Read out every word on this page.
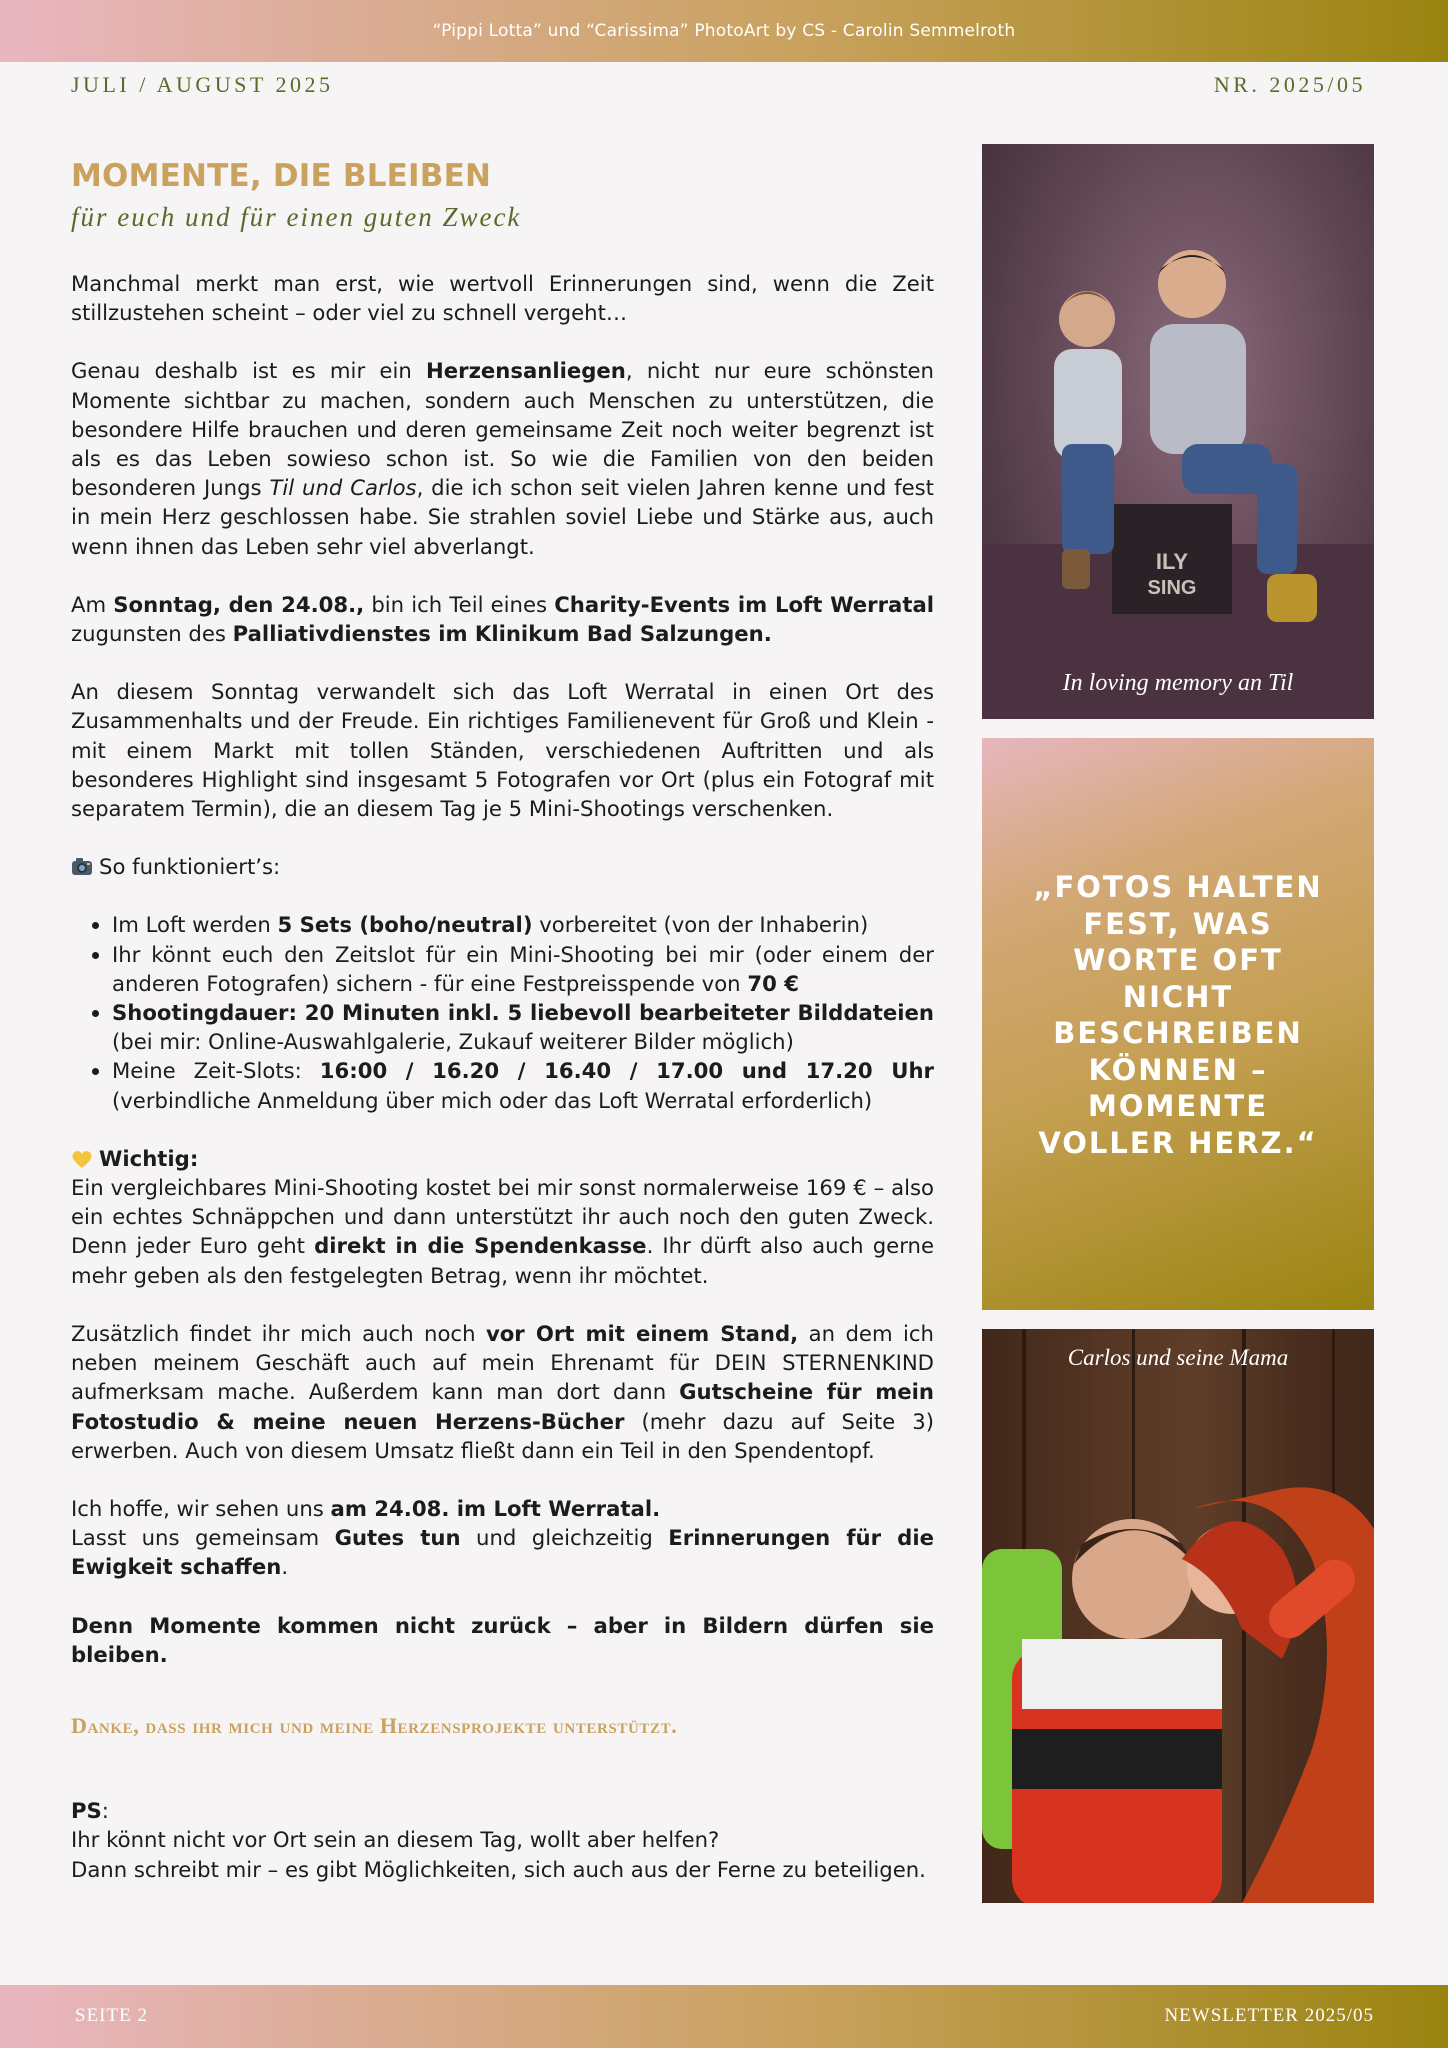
“Pippi Lotta” und “Carissima” PhotoArt by CS - Carolin Semmelroth
JULI / AUGUST 2025	NR. 2025/05
MOMENTE, DIE BLEIBEN
für euch und für einen guten Zweck

Manchmal merkt man erst, wie wertvoll Erinnerungen sind, wenn die Zeit stillzustehen scheint – oder viel zu schnell vergeht…

Genau deshalb ist es mir ein Herzensanliegen, nicht nur eure schönsten Momente sichtbar zu machen, sondern auch Menschen zu unterstützen, die besondere Hilfe brauchen und deren gemeinsame Zeit noch weiter begrenzt ist als es das Leben sowieso schon ist. So wie die Familien von den beiden besonderen Jungs Til und Carlos, die ich schon seit vielen Jahren kenne und fest in mein Herz geschlossen habe. Sie strahlen soviel Liebe und Stärke aus, auch wenn ihnen das Leben sehr viel abverlangt.

Am Sonntag, den 24.08., bin ich Teil eines Charity-Events im Loft Werratal zugunsten des Palliativdienstes im Klinikum Bad Salzungen.

An diesem Sonntag verwandelt sich das Loft Werratal in einen Ort des Zusammenhalts und der Freude. Ein richtiges Familienevent für Groß und Klein - mit einem Markt mit tollen Ständen, verschiedenen Auftritten und als besonderes Highlight sind insgesamt 5 Fotografen vor Ort (plus ein Fotograf mit separatem Termin), die an diesem Tag je 5 Mini-Shootings verschenken.

So funktioniert’s:

• Im Loft werden 5 Sets (boho/neutral) vorbereitet (von der Inhaberin)
• Ihr könnt euch den Zeitslot für ein Mini-Shooting bei mir (oder einem der anderen Fotografen) sichern - für eine Festpreisspende von 70 €
• Shootingdauer: 20 Minuten inkl. 5 liebevoll bearbeiteter Bilddateien (bei mir: Online-Auswahlgalerie, Zukauf weiterer Bilder möglich)
• Meine Zeit-Slots: 16:00 / 16.20 / 16.40 / 17.00 und 17.20 Uhr (verbindliche Anmeldung über mich oder das Loft Werratal erforderlich)

Wichtig:
Ein vergleichbares Mini-Shooting kostet bei mir sonst normalerweise 169 € – also ein echtes Schnäppchen und dann unterstützt ihr auch noch den guten Zweck. Denn jeder Euro geht direkt in die Spendenkasse. Ihr dürft also auch gerne mehr geben als den festgelegten Betrag, wenn ihr möchtet.

Zusätzlich findet ihr mich auch noch vor Ort mit einem Stand, an dem ich neben meinem Geschäft auch auf mein Ehrenamt für DEIN STERNENKIND aufmerksam mache. Außerdem kann man dort dann Gutscheine für mein Fotostudio & meine neuen Herzens-Bücher (mehr dazu auf Seite 3) erwerben. Auch von diesem Umsatz fließt dann ein Teil in den Spendentopf.

Ich hoffe, wir sehen uns am 24.08. im Loft Werratal.
Lasst uns gemeinsam Gutes tun und gleichzeitig Erinnerungen für die Ewigkeit schaffen.

Denn Momente kommen nicht zurück – aber in Bildern dürfen sie bleiben.

Danke, dass ihr mich und meine Herzensprojekte unterstützt.

PS:
Ihr könnt nicht vor Ort sein an diesem Tag, wollt aber helfen?

Dann schreibt mir – es gibt Möglichkeiten, sich auch aus der Ferne zu beteiligen.

ILY
SING
In loving memory an Til
„FOTOS HALTEN FEST, WAS WORTE OFT NICHT BESCHREIBEN KÖNNEN – MOMENTE VOLLER HERZ.“
Carlos und seine Mama
SEITE 2	NEWSLETTER 2025/05
